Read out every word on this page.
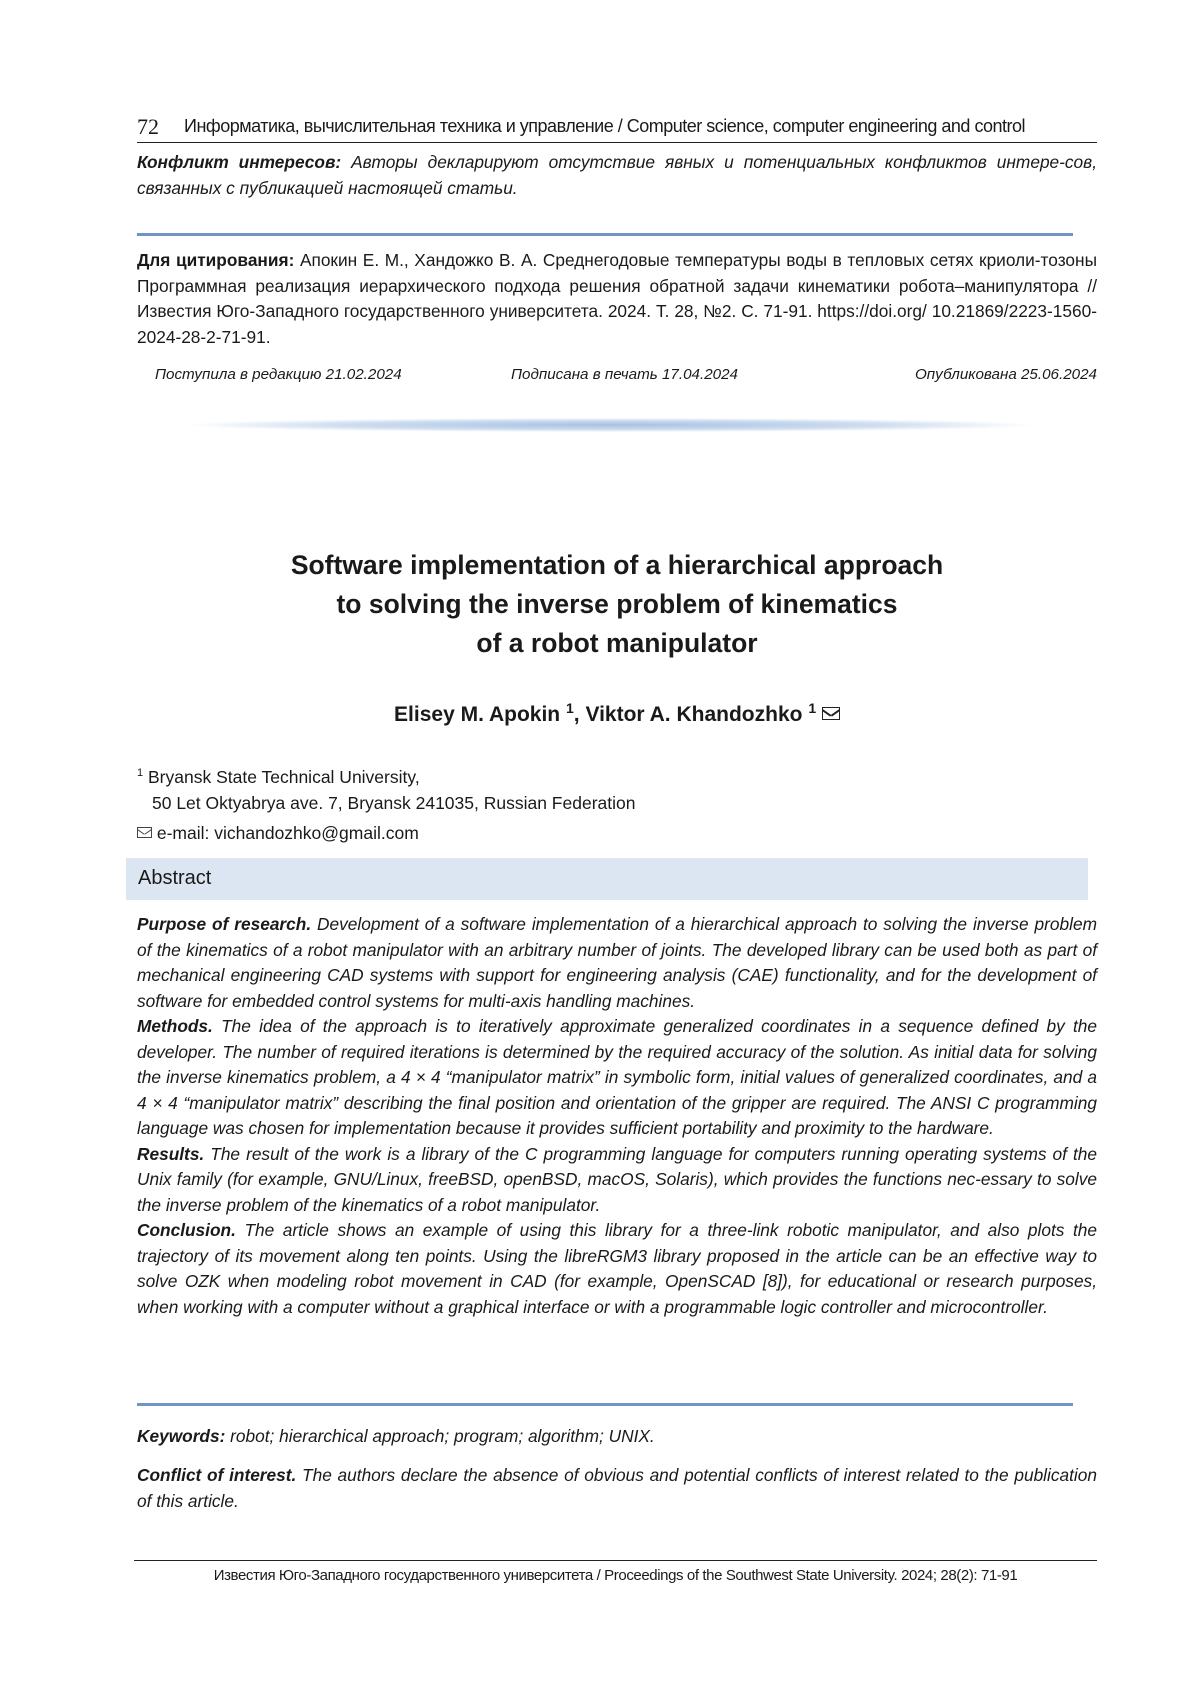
72 Информатика, вычислительная техника и управление / Computer science, computer engineering and control
Конфликт интересов: Авторы декларируют отсутствие явных и потенциальных конфликтов интере-сов, связанных с публикацией настоящей статьи.
Для цитирования: Апокин Е. М., Хандожко В. А. Среднегодовые температуры воды в тепловых сетях криоли-тозоны Программная реализация иерархического подхода решения обратной задачи кинематики робота–манипулятора // Известия Юго-Западного государственного университета. 2024. Т. 28, №2. С. 71-91. https://doi.org/ 10.21869/2223-1560-2024-28-2-71-91.
Поступила в редакцию 21.02.2024	Подписана в печать 17.04.2024	Опубликована 25.06.2024
Software implementation of a hierarchical approach
to solving the inverse problem of kinematics
of a robot manipulator
Elisey M. Apokin $^1$, Viktor A. Khandozhko $^1$
$^1$ Bryansk State Technical University,
50 Let Oktyabrya ave. 7, Bryansk 241035, Russian Federation
e-mail: vichandozhko@gmail.com
Abstract
Purpose of research. Development of a software implementation of a hierarchical approach to solving the inverse problem of the kinematics of a robot manipulator with an arbitrary number of joints. The developed library can be used both as part of mechanical engineering CAD systems with support for engineering analysis (CAE) functionality, and for the development of software for embedded control systems for multi-axis handling machines.
Methods. The idea of the approach is to iteratively approximate generalized coordinates in a sequence defined by the developer. The number of required iterations is determined by the required accuracy of the solution. As initial data for solving the inverse kinematics problem, a 4 × 4 “manipulator matrix” in symbolic form, initial values of generalized coordinates, and a 4 × 4 “manipulator matrix” describing the final position and orientation of the gripper are required. The ANSI C programming language was chosen for implementation because it provides sufficient portability and proximity to the hardware.
Results. The result of the work is a library of the C programming language for computers running operating systems of the Unix family (for example, GNU/Linux, freeBSD, openBSD, macOS, Solaris), which provides the functions nec-essary to solve the inverse problem of the kinematics of a robot manipulator.
Conclusion. The article shows an example of using this library for a three-link robotic manipulator, and also plots the trajectory of its movement along ten points. Using the libreRGM3 library proposed in the article can be an effective way to solve OZK when modeling robot movement in CAD (for example, OpenSCAD [8]), for educational or research purposes, when working with a computer without a graphical interface or with a programmable logic controller and microcontroller.
Keywords: robot; hierarchical approach; program; algorithm; UNIX.
Conflict of interest. The authors declare the absence of obvious and potential conflicts of interest related to the publication of this article.
Известия Юго-Западного государственного университета / Proceedings of the Southwest State University. 2024; 28(2): 71-91
